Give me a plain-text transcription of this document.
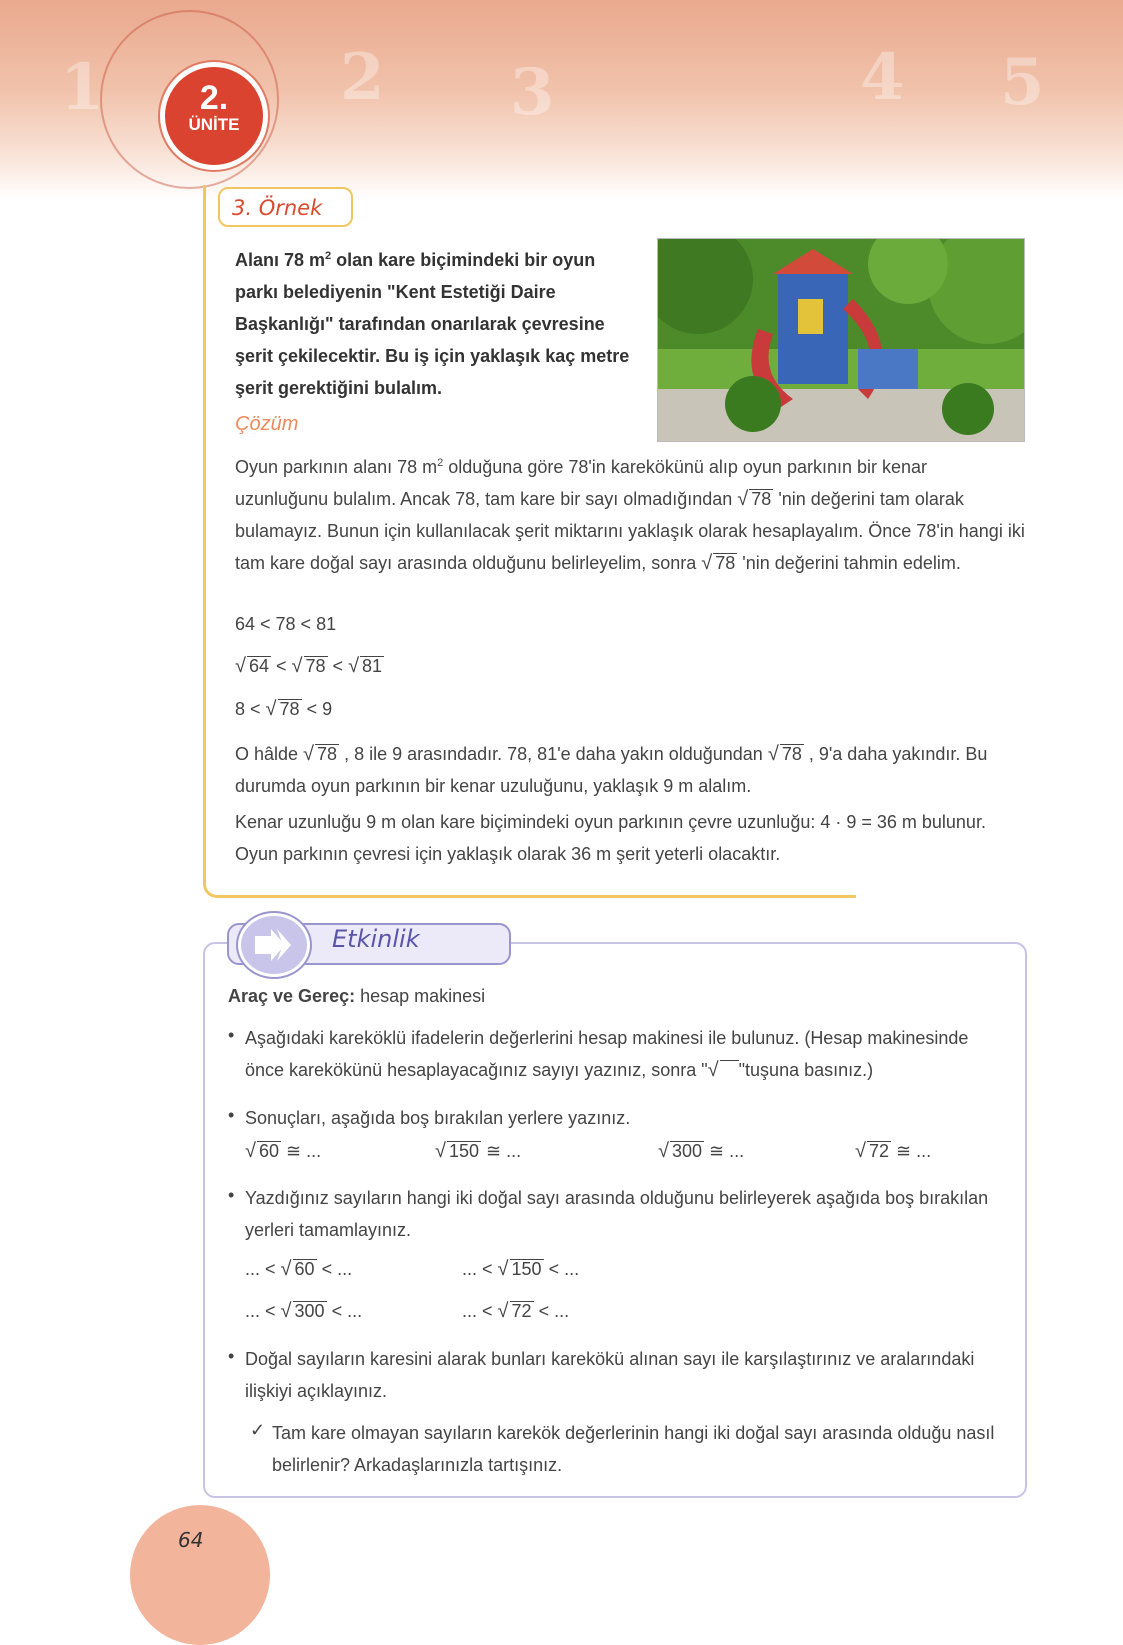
1	2 3	4 5
2.
ÜNİTE
3. Örnek
Alanı 78 $m^2$ olan kare biçimindeki bir oyun parkı belediyenin "Kent Estetiği Daire Başkanlığı" tarafından onarılarak çevresine şerit çekilecektir. Bu iş için yaklaşık kaç metre şerit gerektiğini bulalım.
Çözüm
Oyun parkının alanı 78 $m^2$ olduğuna göre 78'in karekökünü alıp oyun parkının bir kenar uzunluğunu bulalım. Ancak 78, tam kare bir sayı olmadığından √ 78 'nin değerini tam olarak bulamayız. Bunun için kullanılacak şerit miktarını yaklaşık olarak hesaplayalım. Önce 78'in hangi iki tam kare doğal sayı arasında olduğunu belirleyelim, sonra √ 78 'nin değerini tahmin edelim.
64 < 78 < 81
√ 64 < √ 78 < √ 81
8 < √ 78 < 9
O hâlde √ 78 , 8 ile 9 arasındadır. 78, 81'e daha yakın olduğundan √ 78 , 9'a daha yakındır. Bu durumda oyun parkının bir kenar uzuluğunu, yaklaşık 9 m alalım.
Kenar uzunluğu 9 m olan kare biçimindeki oyun parkının çevre uzunluğu: 4 · 9 = 36 m bulunur. Oyun parkının çevresi için yaklaşık olarak 36 m şerit yeterli olacaktır.
Etkinlik
Araç ve Gereç: hesap makinesi
• Aşağıdaki kareköklü ifadelerin değerlerini hesap makinesi ile bulunuz. (Hesap makinesinde önce karekökünü hesaplayacağınız sayıyı yazınız, sonra "√ "tuşuna basınız.)
• Sonuçları, aşağıda boş bırakılan yerlere yazınız.
√ 60 ≅ ...	√ 150 ≅ ...	√ 300 ≅ ...	√ 72 ≅ ...
• Yazdığınız sayıların hangi iki doğal sayı arasında olduğunu belirleyerek aşağıda boş bırakılan yerleri tamamlayınız.
... < √ 60 < ...	... < √ 150 < ...
... < √ 300 < ...	... < √ 72 < ...
• Doğal sayıların karesini alarak bunları karekökü alınan sayı ile karşılaştırınız ve aralarındaki ilişkiyi açıklayınız.
✓ Tam kare olmayan sayıların karekök değerlerinin hangi iki doğal sayı arasında olduğu nasıl belirlenir? Arkadaşlarınızla tartışınız.
64
